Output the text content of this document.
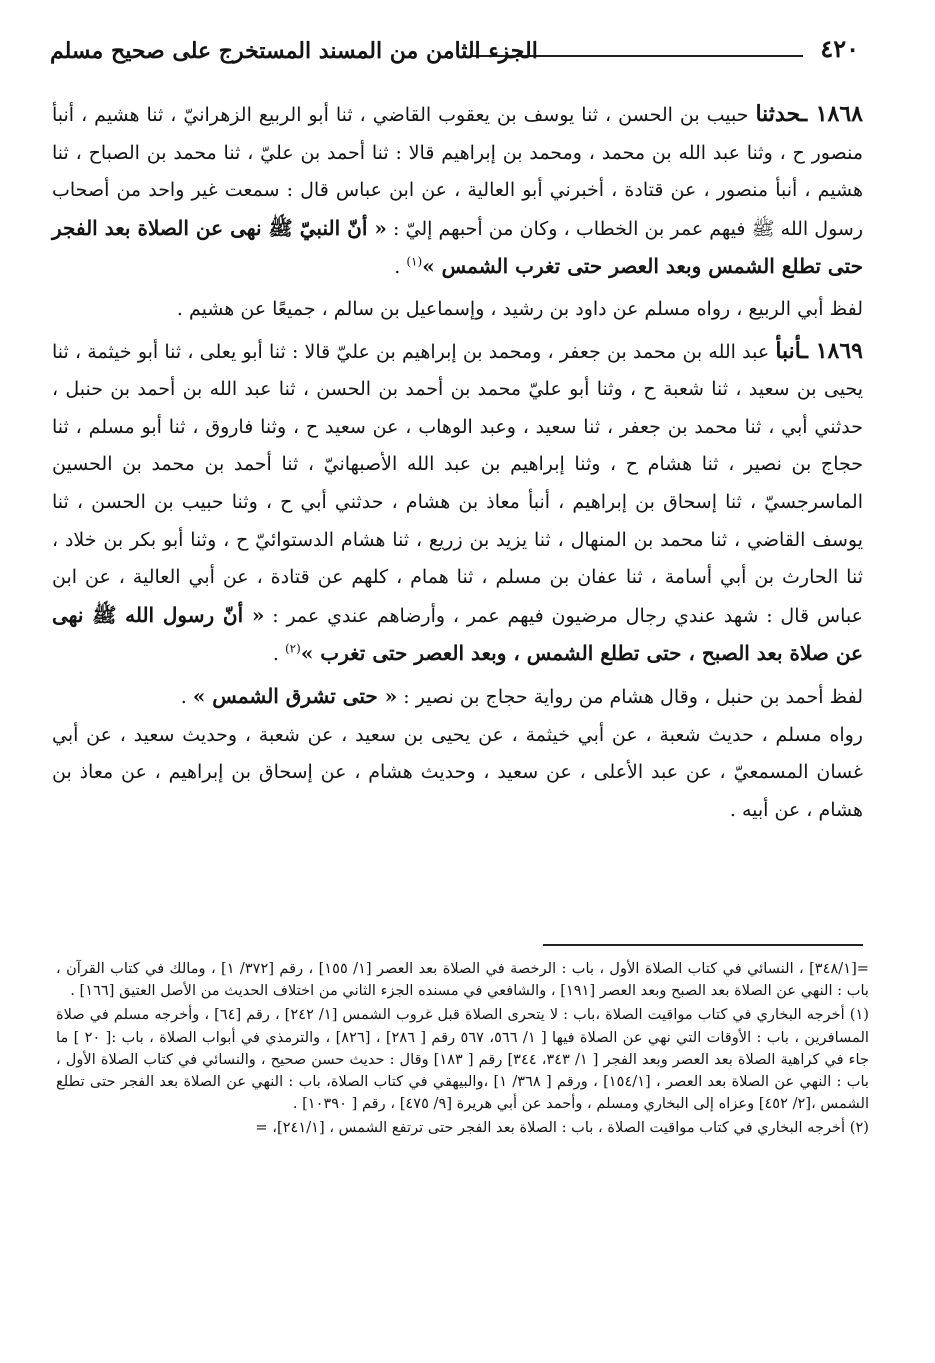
٤٢٠
الجزء الثامن من المسند المستخرج على صحيح مسلم

١٨٦٨ ـحدثنا حبيب بن الحسن ، ثنا يوسف بن يعقوب القاضي ، ثنا أبو الربيع الزهرانيّ ، ثنا هشيم ، أنبأ منصور ح ، وثنا عبد الله بن محمد ، ومحمد بن إبراهيم قالا : ثنا أحمد بن عليّ ، ثنا محمد بن الصباح ، ثنا هشيم ، أنبأ منصور ، عن قتادة ، أخبرني أبو العالية ، عن ابن عباس قال : سمعت غير واحد من أصحاب رسول الله ﷺ فيهم عمر بن الخطاب ، وكان من أحبهم إليّ : « أنّ النبيّ ﷺ نهى عن الصلاة بعد الفجر حتى تطلع الشمس وبعد العصر حتى تغرب الشمس »$^{(١)}$ .

لفظ أبي الربيع ، رواه مسلم عن داود بن رشيد ، وإسماعيل بن سالم ، جميعًا عن هشيم .

١٨٦٩ ـأنبأ عبد الله بن محمد بن جعفر ، ومحمد بن إبراهيم بن عليّ قالا : ثنا أبو يعلى ، ثنا أبو خيثمة ، ثنا يحيى بن سعيد ، ثنا شعبة ح ، وثنا أبو عليّ محمد بن أحمد بن الحسن ، ثنا عبد الله بن أحمد بن حنبل ، حدثني أبي ، ثنا محمد بن جعفر ، ثنا سعيد ، وعبد الوهاب ، عن سعيد ح ، وثنا فاروق ، ثنا أبو مسلم ، ثنا حجاج بن نصير ، ثنا هشام ح ، وثنا إبراهيم بن عبد الله الأصبهانيّ ، ثنا أحمد بن محمد بن الحسين الماسرجسيّ ، ثنا إسحاق بن إبراهيم ، أنبأ معاذ بن هشام ، حدثني أبي ح ، وثنا حبيب بن الحسن ، ثنا يوسف القاضي ، ثنا محمد بن المنهال ، ثنا يزيد بن زريع ، ثنا هشام الدستوائيّ ح ، وثنا أبو بكر بن خلاد ، ثنا الحارث بن أبي أسامة ، ثنا عفان بن مسلم ، ثنا همام ، كلهم عن قتادة ، عن أبي العالية ، عن ابن عباس قال : شهد عندي رجال مرضيون فيهم عمر ، وأرضاهم عندي عمر : « أنّ رسول الله ﷺ نهى عن صلاة بعد الصبح ، حتى تطلع الشمس ، وبعد العصر حتى تغرب »$^{(٢)}$ .

لفظ أحمد بن حنبل ، وقال هشام من رواية حجاج بن نصير : « حتى تشرق الشمس » .
رواه مسلم ، حديث شعبة ، عن أبي خيثمة ، عن يحيى بن سعيد ، عن شعبة ، وحديث سعيد ، عن أبي غسان المسمعيّ ، عن عبد الأعلى ، عن سعيد ، وحديث هشام ، عن إسحاق بن إبراهيم ، عن معاذ بن هشام ، عن أبيه .

=[٣٤٨/١] ، النسائي في كتاب الصلاة الأول ، باب : الرخصة في الصلاة بعد العصر [١/ ١٥٥] ، رقم [٣٧٢/ ١] ، ومالك في كتاب القرآن ، باب : النهي عن الصلاة بعد الصبح وبعد العصر [١٩١] ، والشافعي في مسنده الجزء الثاني من اختلاف الحديث من الأصل العتيق [١٦٦] .

(١) أخرجه البخاري في كتاب مواقيت الصلاة ،باب : لا يتحرى الصلاة قبل غروب الشمس [١/ ٢٤٢] ، رقم [٦٤] ، وأخرجه مسلم في صلاة المسافرين ، باب : الأوقات التي نهي عن الصلاة فيها [ ١/ ٥٦٦، ٥٦٧ رقم [ ٢٨٦] ، [٨٢٦] ، والترمذي في أبواب الصلاة ، باب :[ ٢٠ ] ما جاء في كراهية الصلاة بعد العصر وبعد الفجر [ ١/ ٣٤٣، ٣٤٤] رقم [ ١٨٣] وقال : حديث حسن صحيح ، والنسائي في كتاب الصلاة الأول ، باب : النهي عن الصلاة بعد العصر ، [١٥٤/١] ، ورقم [ ٣٦٨/ ١] ،والبيهقي في كتاب الصلاة، باب : النهي عن الصلاة بعد الفجر حتى تطلع الشمس ،[٢/ ٤٥٢] وعزاه إلى البخاري ومسلم ، وأحمد عن أبي هريرة [٩/ ٤٧٥] ، رقم [ ١٠٣٩٠] .

(٢) أخرجه البخاري في كتاب مواقيت الصلاة ، باب : الصلاة بعد الفجر حتى ترتفع الشمس ، [٢٤١/١]، =
